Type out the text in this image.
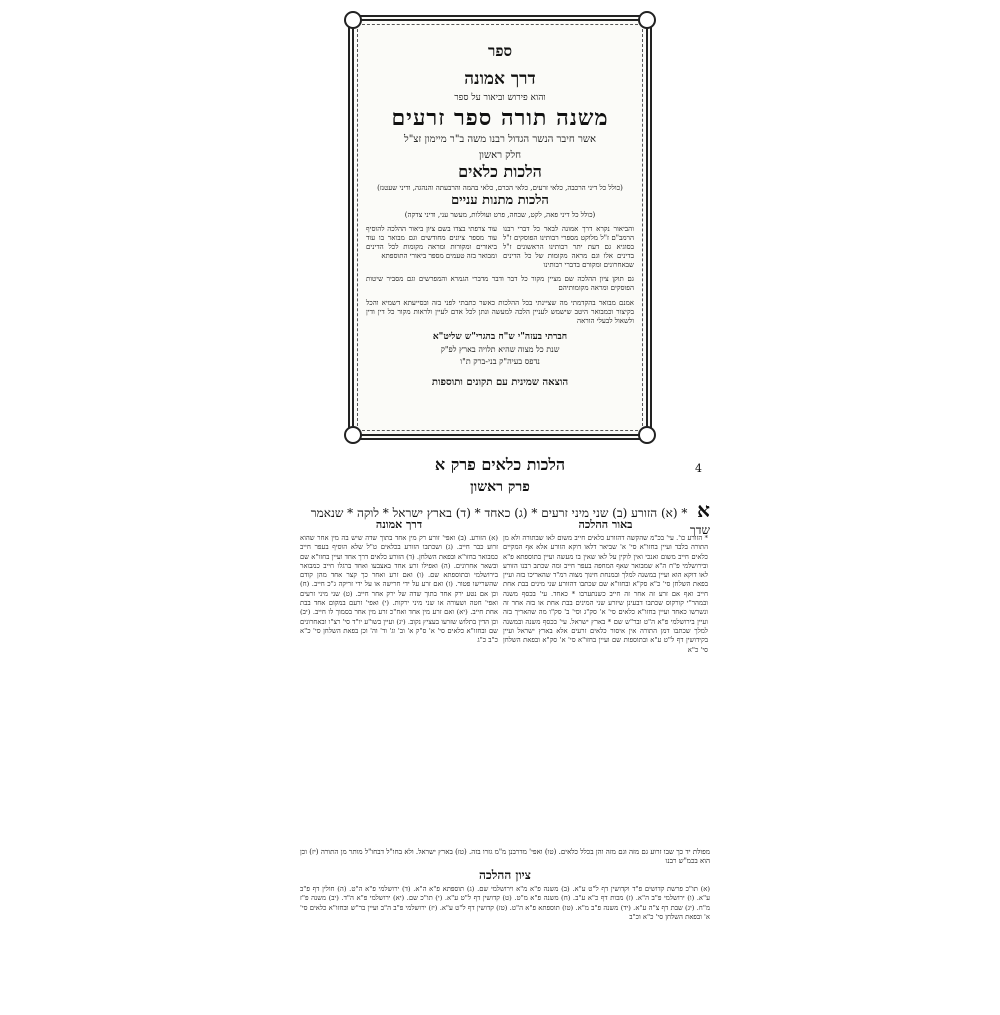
ספר
דרך אמונה
והוא פירוש וביאור על ספר
משנה תורה ספר זרעים
אשר חיבר הנשר הגדול רבנו משה ב"ר מיימון זצ"ל
חלק ראשון
הלכות כלאים
(כולל כל דיני הרכבה, כלאי זרעים, כלאי הכרם, כלאי בהמה והרבעתה והנהגה, ודיני שעטנז)
הלכות מתנות עניים
(כולל כל דיני פאה, לקט, שכחה, פרט ועוללות, מעשר עני, ודיני צדקה)
והביאור נקרא דרך אמונה לבאר כל דברי רבנו הרמב"ם ז"ל מלוקט מספרי רבותינו הפוסקים ז"ל בסוגיא גם דעת יתר רבותינו הראשונים ז"ל בדינים אלו וגם מראה מקומות של כל הדינים שבאחרונים ומקורם בדברי רבותינו
עוד צרפתי בצדו בשם ציון ביאור ההלכה להוסיף עוד מספר ציונים מחודשים וגם מבואר בו עוד ביאורים ומקורות ומראה מקומות לכל הדינים ומבואר בזה טעמים מספר ביאורי התוספתא
גם תוקן ציון ההלכה שם מציין מקור כל דבר ודבר מדברי הגמרא והמפרשים וגם מסביר שיטות הפוסקים ומראה מקומותיהם
אמנם מבואר בהקדמתי מה שציינתי בכל ההלכות כאשר כתבתי לפני בזה ובסייעתא דשמיא והכל בקיצור וכמבואר היטב שישמש לעניין הלכה למעשה ונתן לכל אדם לעיין ולראות מקור כל דין ודין ולשאול לבעלי הוראה
חברתי בעזה"י ש"ח בהגרי"ש שליט"א
שנת כל מצוה שהיא תלויה בארץ לפ"ק
נדפס בעיה"ק בני-ברק ת"ו
הוצאה שמינית עם תקונים ותוספות
4
הלכות כלאים פרק א
פרק ראשון
א * (א) הזורע (ב) שני מיני זרעים * (ג) כאחד * (ד) בארץ ישראל * לוקה * שנאמר שדך
באור ההלכה
* הזורע כו'. עי' בכ"מ שהקשה דהזורע כלאים חייב משום לאו שבתורה ולא מן התורה בלבד ועיין בחזו"א סי' א' שביאר דלאו דוקא הזורע אלא אף המקיים כלאים חייב משום ואנכי ואין לוקין על לאו שאין בו מעשה ועיין בתוספתא פ"א ובירושלמי פ"ח ה"א שמבואר שאף המחפה בעפר חייב ומה שכתב רבנו הזורע לאו דוקא הוא ועיין במשנה למלך ובמנחת חינוך מצוה רמ"ד שהאריכו בזה ועיין בפאת השלחן סי' כ"א סק"א ובחזו"א שם שכתבו דהזורע שני מינים בבת אחת חייב ואף אם זרע זה אחר זה חייב כשנתערבו * כאחד. עי' בכסף משנה ובמהר"י קורקוס שכתבו דבעינן שיזרע שני המינים בבת אחת או בזה אחר זה ונשרשו כאחד ועיין בחזו"א כלאים סי' א' סק"ג וסי' ב' סק"ו מה שהאריך בזה ועיין בירושלמי פ"א ה"ט ובר"ש שם * בארץ ישראל. עי' בכסף משנה ובמשנה למלך שכתבו דמן התורה אין איסור כלאים זרעים אלא בארץ ישראל ועיין בקידושין דף ל"ט ע"א ובתוספות שם ועיין בחזו"א סי' א' סק"א ובפאת השלחן סי' כ"א
דרך אמונה
(א) הזורע. (ב) ואפי' זורע רק מין אחד בתוך שדה שיש בה מין אחר שהוא זרוע כבר חייב. (ג) ושכתבו הזורע בכלאים ט"ל שלא הוסיף בעפר חייב כמבואר בחזו"א ובפאת השלחן. (ד) הזורע כלאים דרך אחד ועיין בחזו"א שם ובשאר אחרונים. (ה) ואפילו זרע אחד באצבעו ואחד ברגלו חייב כמבואר בירושלמי ובתוספתא שם. (ו) ואם זרע ואחר כך קצר אחד מהן קודם שהשרישו פטור. (ז) ואם זרע על ידי חרישה או על ידי זריקה ג"כ חייב. (ח) וכן אם נטע ירק אחד בתוך שדה של ירק אחר חייב. (ט) שני מיני זרעים ואפי' חטה ושעורה או שני מיני ירקות. (י) ואפי' זרעם במקום אחד בבת אחת חייב. (יא) ואם זרע מין אחד ואח"כ זרע מין אחר בסמוך לו חייב. (יב) וכן הדין בתלוש שזרעו בעציץ נקוב. (יג) ועיין בשו"ע יו"ד סי' רצ"ו ובאחרונים שם ובחזו"א כלאים סי' א' ס"ק א' וב' וג' וד' וה' וכן בפאת השלחן סי' כ"א כ"ב כ"ג
מפולת יד כך שבו זרוע גם מזה וגם מזה והן בכלל כלאים. (טו) ואפי' מדרבנן מ"מ גזרו בזה. (טז) בארץ ישראל. ולא בחו"ל דבחו"ל מותר מן התורה (יז) וכן הוא בכמ"ש רבנו
ציון ההלכה
(א) תו"כ פרשת קדושים פ"ד וקדושין דף ל"ט ע"א. (ב) משנה פ"א מ"א וירושלמי שם. (ג) תוספתא פ"א ה"א. (ד) ירושלמי פ"א ה"ט. (ה) חולין דף פ"ב ע"א. (ו) ירושלמי פ"ב ה"א. (ז) מכות דף כ"א ע"ב. (ח) משנה פ"א מ"ט. (ט) קדושין דף ל"ט ע"א. (י) תו"כ שם. (יא) ירושלמי פ"א ה"ד. (יב) משנה פ"ז מ"ח. (יג) שבת דף צ"ה ע"א. (יד) משנה פ"ב מ"א. (טו) תוספתא פ"א ה"ט. (טז) קדושין דף ל"ט ע"א. (יז) ירושלמי פ"ב ה"ב ועיין בר"ש ובחזו"א כלאים סי' א' ובפאת השלחן סי' כ"א וכ"ב
